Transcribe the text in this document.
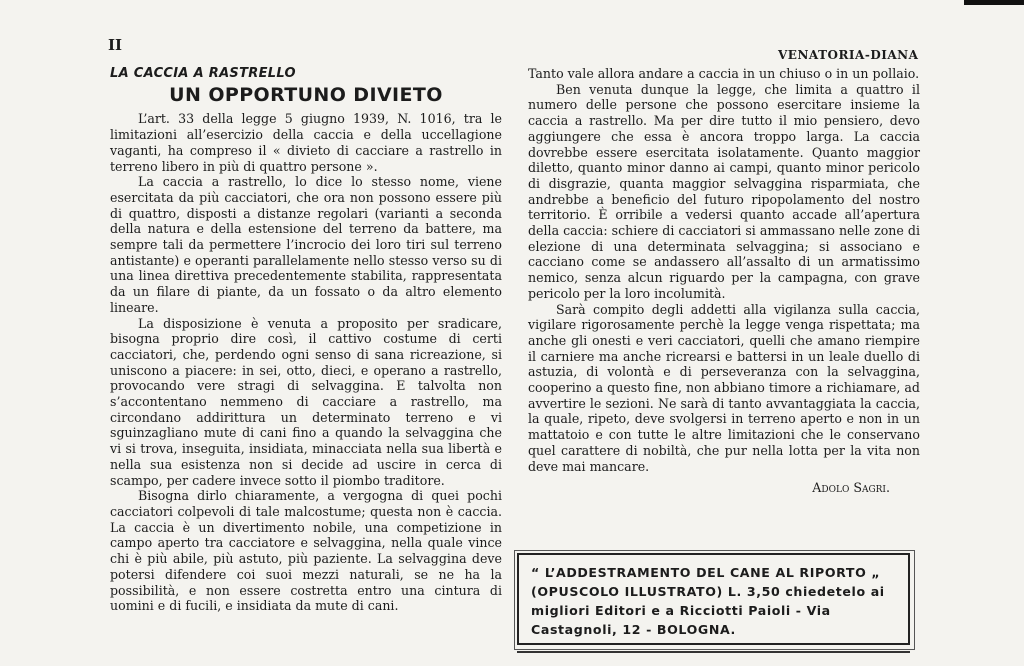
II
VENATORIA-DIANA
LA CACCIA A RASTRELLO
UN OPPORTUNO DIVIETO

L’art. 33 della legge 5 giugno 1939, N. 1016, tra le limitazioni all’esercizio della caccia e della uccellagione vaganti, ha compreso il « divieto di cacciare a rastrello in terreno libero in più di quattro persone ».

La caccia a rastrello, lo dice lo stesso nome, viene esercitata da più cacciatori, che ora non possono essere più di quattro, disposti a distanze regolari (varianti a seconda della natura e della estensione del terreno da battere, ma sempre tali da permettere l’incrocio dei loro tiri sul terreno antistante) e operanti parallelamente nello stesso verso su di una linea direttiva precedentemente stabilita, rappresentata da un filare di piante, da un fossato o da altro elemento lineare.

La disposizione è venuta a proposito per sradicare, bisogna proprio dire così, il cattivo costume di certi cacciatori, che, perdendo ogni senso di sana ricreazione, si uniscono a piacere: in sei, otto, dieci, e operano a rastrello, provocando vere stragi di selvaggina. E talvolta non s’accontentano nemmeno di cacciare a rastrello, ma circondano addirittura un determinato terreno e vi sguinzagliano mute di cani fino a quando la selvaggina che vi si trova, inseguita, insidiata, minacciata nella sua libertà e nella sua esistenza non si decide ad uscire in cerca di scampo, per cadere invece sotto il piombo traditore.

Bisogna dirlo chiaramente, a vergogna di quei pochi cacciatori colpevoli di tale malcostume; questa non è caccia. La caccia è un divertimento nobile, una competizione in campo aperto tra cacciatore e selvaggina, nella quale vince chi è più abile, più astuto, più paziente. La selvaggina deve potersi difendere coi suoi mezzi naturali, se ne ha la possibilità, e non essere costretta entro una cintura di uomini e di fucili, e insidiata da mute di cani.

Tanto vale allora andare a caccia in un chiuso o in un pollaio.

Ben venuta dunque la legge, che limita a quattro il numero delle persone che possono esercitare insieme la caccia a rastrello. Ma per dire tutto il mio pensiero, devo aggiungere che essa è ancora troppo larga. La caccia dovrebbe essere esercitata isolatamente. Quanto maggior diletto, quanto minor danno ai campi, quanto minor pericolo di disgrazie, quanta maggior selvaggina risparmiata, che andrebbe a beneficio del futuro ripopolamento del nostro territorio. È orribile a vedersi quanto accade all’apertura della caccia: schiere di cacciatori si ammassano nelle zone di elezione di una determinata selvaggina; si associano e cacciano come se andassero all’assalto di un armatissimo nemico, senza alcun riguardo per la campagna, con grave pericolo per la loro incolumità.

Sarà compito degli addetti alla vigilanza sulla caccia, vigilare rigorosamente perchè la legge venga rispettata; ma anche gli onesti e veri cacciatori, quelli che amano riempire il carniere ma anche ricrearsi e battersi in un leale duello di astuzia, di volontà e di perseveranza con la selvaggina, cooperino a questo fine, non abbiano timore a richiamare, ad avvertire le sezioni. Ne sarà di tanto avvantaggiata la caccia, la quale, ripeto, deve svolgersi in terreno aperto e non in un mattatoio e con tutte le altre limitazioni che le conservano quel carattere di nobiltà, che pur nella lotta per la vita non deve mai mancare.

Adolo Sagri.

“ L’ADDESTRAMENTO DEL CANE AL RIPORTO „ (OPUSCOLO ILLUSTRATO) L. 3,50 chiedetelo ai migliori Editori e a Ricciotti Paioli - Via Castagnoli, 12 - BOLOGNA.
